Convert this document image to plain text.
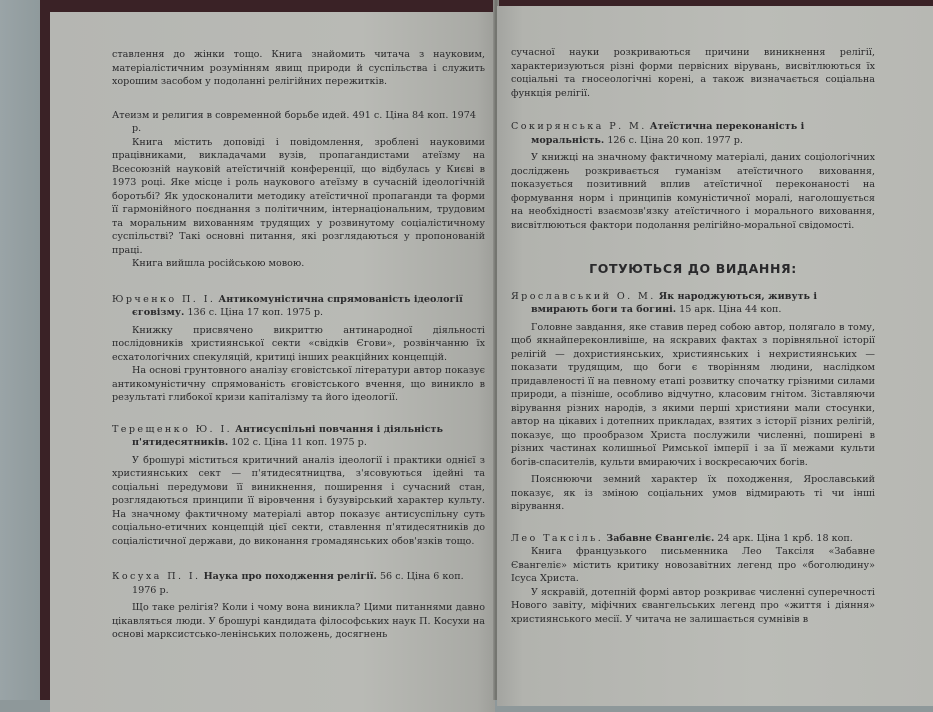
ставлення до жінки тощо. Книга знайомить читача з науковим, матеріалістичним розумінням явищ природи й суспільства і служить хорошим засобом у подоланні релігійних пережитків.

Атеизм и религия в современной борьбе идей. 491 с. Ціна 84 коп. 1974 р.

Книга містить доповіді і повідомлення, зроблені науковими працівниками, викладачами вузів, пропагандистами атеїзму на Всесоюзній науковій атеїстичній конференції, що відбулась у Києві в 1973 році. Яке місце і роль наукового атеїзму в сучасній ідеологічній боротьбі? Як удосконалити методику атеїстичної пропаганди та форми її гармонійного поєднання з політичним, інтернаціональним, трудовим та моральним вихованням трудящих у розвинутому соціалістичному суспільстві? Такі основні питання, які розглядаються у пропонованій праці.

Книга вийшла російською мовою.

Юрченко П. І. Антикомуністична спрямованість ідеології єговізму. 136 с. Ціна 17 коп. 1975 р.

Книжку присвячено викриттю антинародної діяльності послідовників християнської секти «свідків Єгови», розвінчанню їх есхатологічних спекуляцій, критиці інших реакційних концепцій.

На основі грунтовного аналізу єговістської літератури автор показує антикомуністичну спрямованість єговістського вчення, що виникло в результаті глибокої кризи капіталізму та його ідеології.

Терещенко Ю. І. Антисуспільні повчання і діяльність п'ятидесятників. 102 с. Ціна 11 коп. 1975 р.

У брошурі міститься критичний аналіз ідеології і практики однієї з християнських сект — п'ятидесятництва, з'ясовуються ідейні та соціальні передумови її виникнення, поширення і сучасний стан, розглядаються принципи її віровчення і бузувірський характер культу. На значному фактичному матеріалі автор показує антисуспільну суть соціально-етичних концепцій цієї секти, ставлення п'ятидесятників до соціалістичної держави, до виконання громадянських обов'язків тощо.

Косуха П. І. Наука про походження релігії. 56 с. Ціна 6 коп. 1976 р.

Що таке релігія? Коли і чому вона виникла? Цими питаннями давно цікавляться люди. У брошурі кандидата філософських наук П. Косухи на основі марксистсько-ленінських положень, досягнень

сучасної науки розкриваються причини виникнення релігії, характеризуються різні форми первісних вірувань, висвітлюються їх соціальні та гносеологічні корені, а також визначається соціальна функція релігії.

Сокирянська Р. М. Атеїстична переконаність і моральність. 126 с. Ціна 20 коп. 1977 р.

У книжці на значному фактичному матеріалі, даних соціологічних досліджень розкривається гуманізм атеїстичного виховання, показується позитивний вплив атеїстичної переконаності на формування норм і принципів комуністичної моралі, наголошується на необхідності взаємозв'язку атеїстичного і морального виховання, висвітлюються фактори подолання релігійно-моральної свідомості.

ГОТУЮТЬСЯ ДО ВИДАННЯ:

Ярославський О. М. Як народжуються, живуть і вмирають боги та богині. 15 арк. Ціна 44 коп.

Головне завдання, яке ставив перед собою автор, полягало в тому, щоб якнайпереконливіше, на яскравих фактах з порівняльної історії релігій — дохристиянських, християнських і нехристиянських — показати трудящим, що боги є творінням людини, наслідком придавленості її на певному етапі розвитку спочатку грізними силами природи, а пізніше, особливо відчутно, класовим гнітом. Зіставляючи вірування різних народів, з якими перші християни мали стосунки, автор на цікавих і дотепних прикладах, взятих з історії різних релігій, показує, що прообразом Христа послужили численні, поширені в різних частинах колишньої Римської імперії і за її межами культи богів-спасителів, культи вмираючих і воскресаючих богів.

Пояснюючи земний характер їх походження, Ярославський показує, як із зміною соціальних умов відмирають ті чи інші вірування.

Лео Таксіль. Забавне Євангеліє. 24 арк. Ціна 1 крб. 18 коп.

Книга французького письменника Лео Таксіля «Забавне Євангеліє» містить критику новозавітних легенд про «боголюдину» Ісуса Христа.

У яскравій, дотепній формі автор розкриває численні суперечності Нового завіту, міфічних євангельських легенд про «життя і діяння» християнського месії. У читача не залишається сумнівів в
